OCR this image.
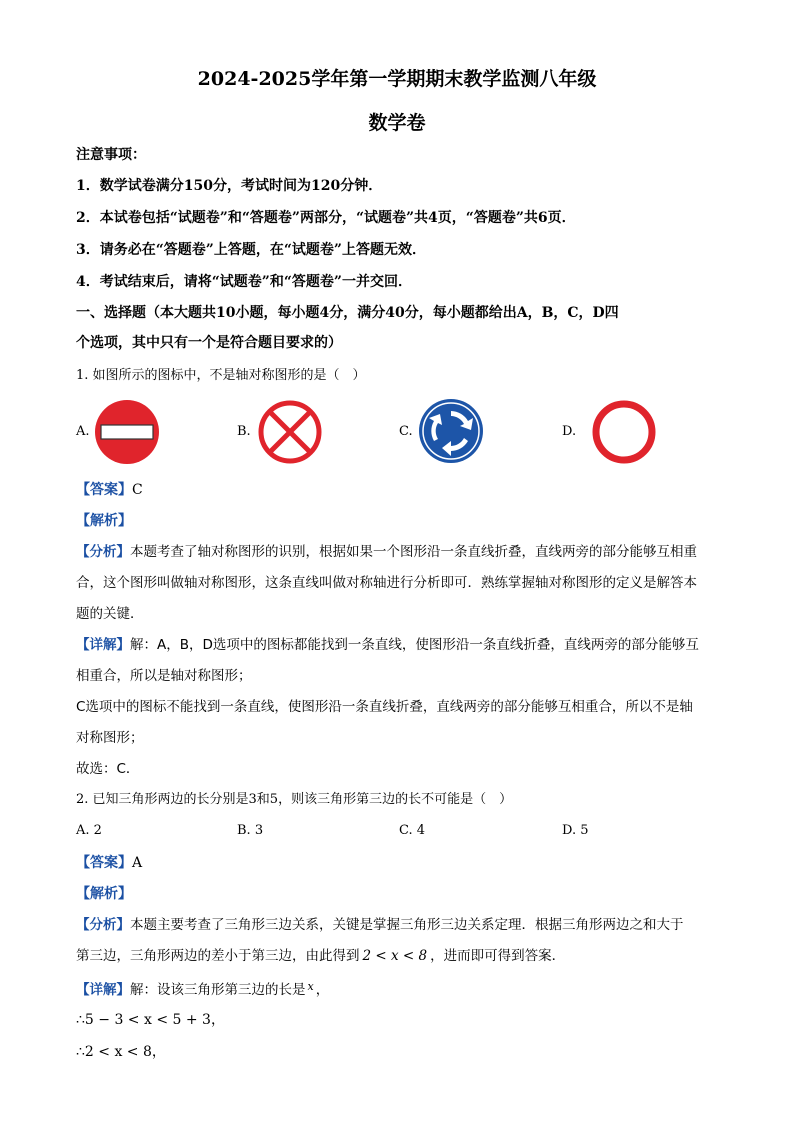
2024-2025学年第一学期期末教学监测八年级
数学卷
注意事项：
1．数学试卷满分150分，考试时间为120分钟．
2．本试卷包括“试题卷”和“答题卷”两部分，“试题卷”共4页，“答题卷”共6页．
3．请务必在“答题卷”上答题，在“试题卷”上答题无效．
4．考试结束后，请将“试题卷”和“答题卷”一并交回．
一、选择题（本大题共10小题，每小题4分，满分40分，每小题都给出A，B，C，D四
个选项，其中只有一个是符合题目要求的）
1. 如图所示的图标中，不是轴对称图形的是（　）
A.	B.	C.	D.
【答案】C
【解析】
【分析】本题考查了轴对称图形的识别，根据如果一个图形沿一条直线折叠，直线两旁的部分能够互相重
合，这个图形叫做轴对称图形，这条直线叫做对称轴进行分析即可．熟练掌握轴对称图形的定义是解答本
题的关键．
【详解】解：A，B，D选项中的图标都能找到一条直线，使图形沿一条直线折叠，直线两旁的部分能够互
相重合，所以是轴对称图形；
C选项中的图标不能找到一条直线，使图形沿一条直线折叠，直线两旁的部分能够互相重合，所以不是轴
对称图形；
故选：C．
2. 已知三角形两边的长分别是3和5，则该三角形第三边的长不可能是（　）
A. 2	B. 3	C. 4	D. 5
【答案】A
【解析】
【分析】本题主要考查了三角形三边关系，关键是掌握三角形三边关系定理．根据三角形两边之和大于
第三边，三角形两边的差小于第三边，由此得到 2 < x < 8 ，进而即可得到答案．
【详解】解：设该三角形第三边的长是 $^x$ ，
∴5 − 3 < x < 5 + 3，
∴2 < x < 8，
